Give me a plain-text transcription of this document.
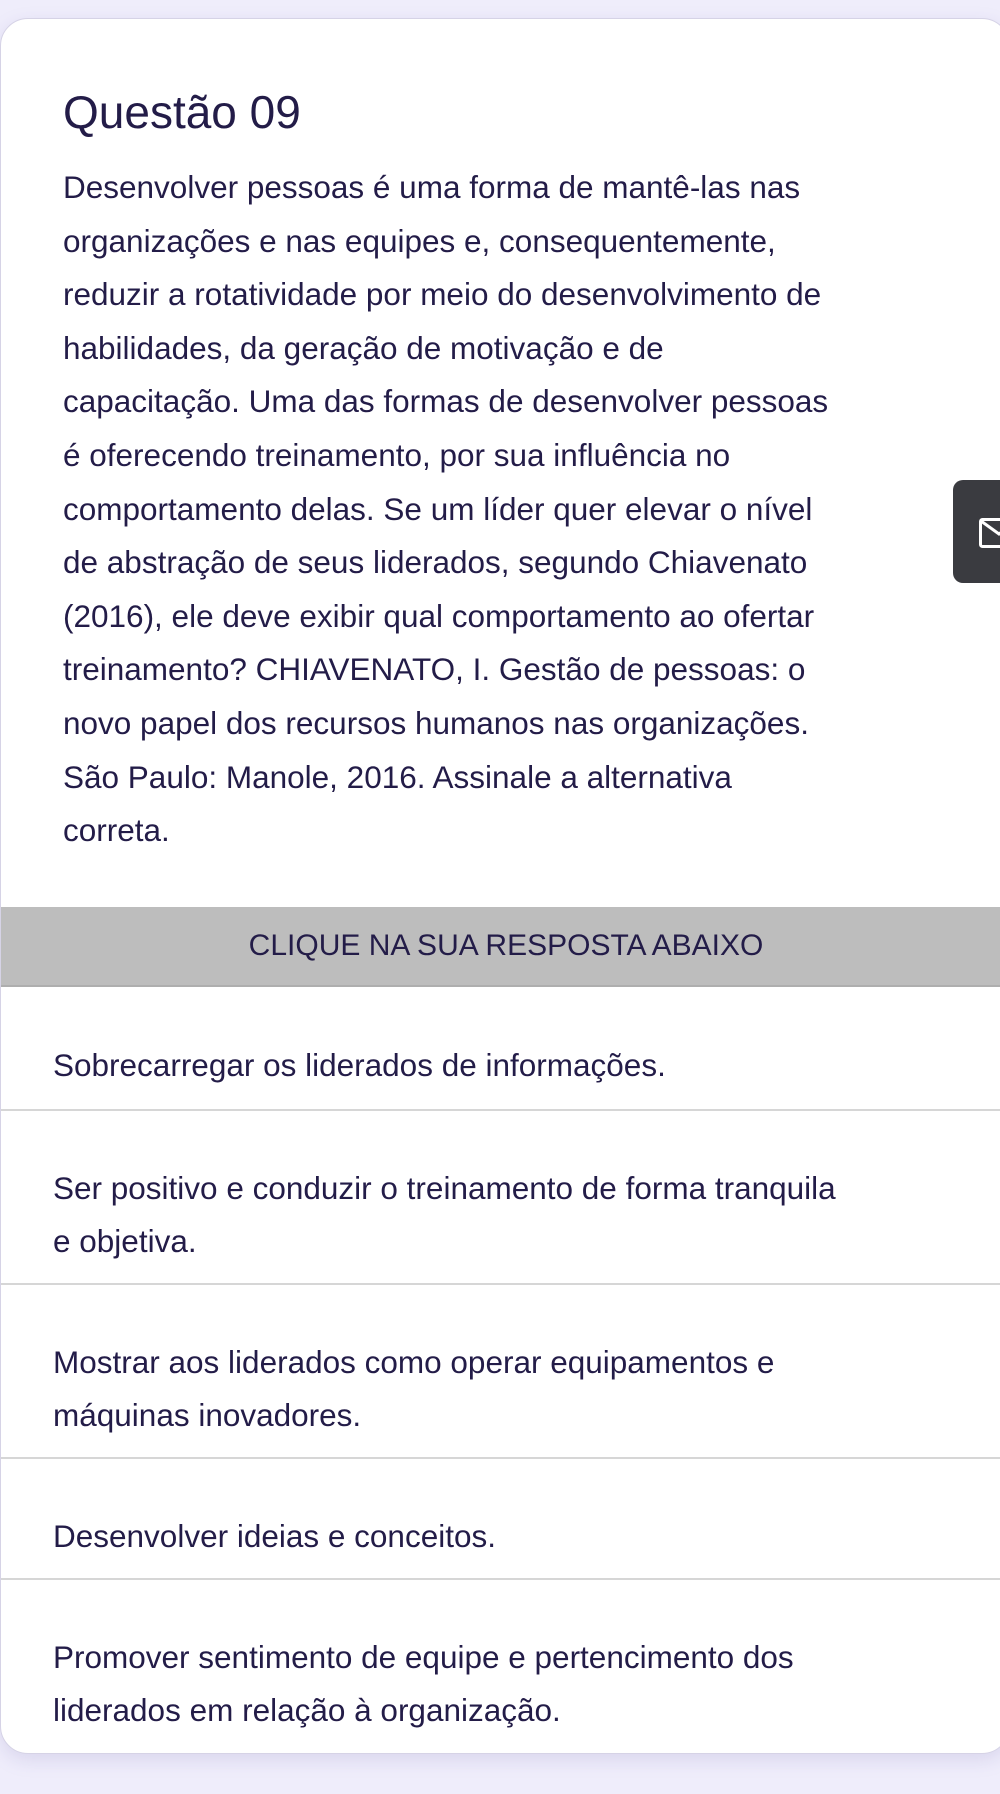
Questão 09
Desenvolver pessoas é uma forma de mantê-las nas
organizações e nas equipes e, consequentemente,
reduzir a rotatividade por meio do desenvolvimento de
habilidades, da geração de motivação e de
capacitação. Uma das formas de desenvolver pessoas
é oferecendo treinamento, por sua influência no
comportamento delas. Se um líder quer elevar o nível
de abstração de seus liderados, segundo Chiavenato
(2016), ele deve exibir qual comportamento ao ofertar
treinamento? CHIAVENATO, I. Gestão de pessoas: o
novo papel dos recursos humanos nas organizações.
São Paulo: Manole, 2016. Assinale a alternativa
correta.
CLIQUE NA SUA RESPOSTA ABAIXO
Sobrecarregar os liderados de informações.
Ser positivo e conduzir o treinamento de forma tranquila
e objetiva.
Mostrar aos liderados como operar equipamentos e
máquinas inovadores.
Desenvolver ideias e conceitos.
Promover sentimento de equipe e pertencimento dos
liderados em relação à organização.
